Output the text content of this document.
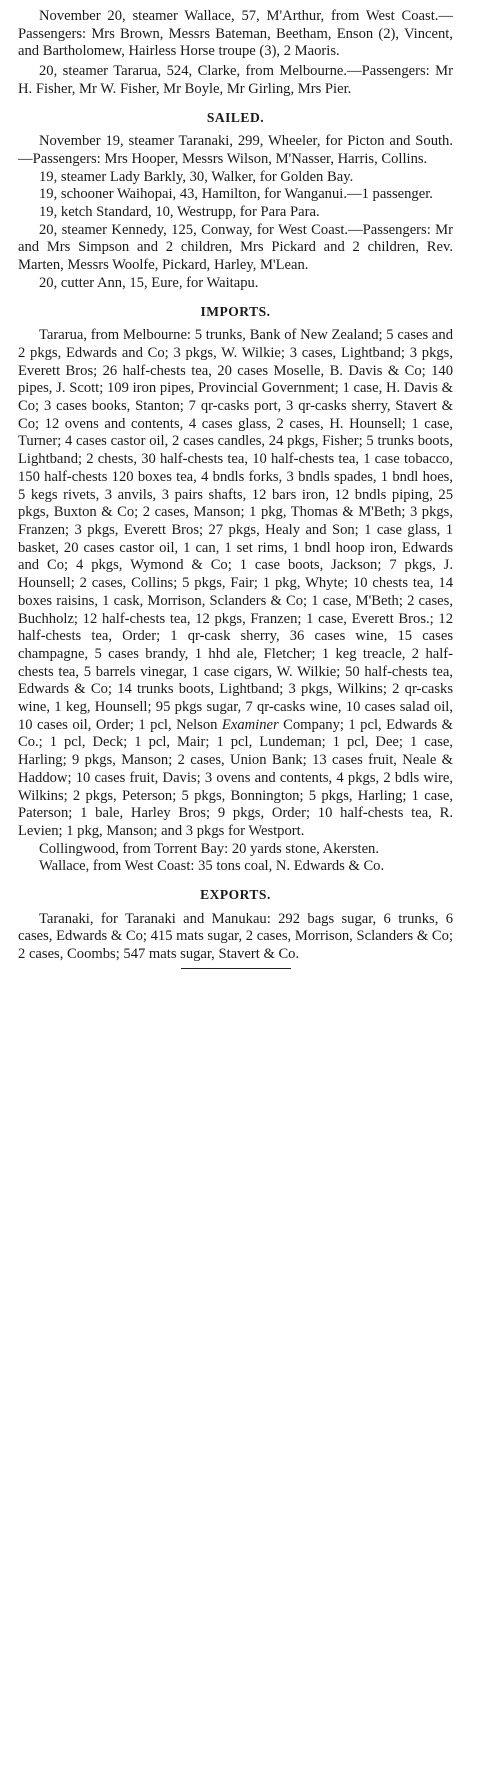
November 20, steamer Wallace, 57, M'Arthur, from West Coast.—Passengers: Mrs Brown, Messrs Bateman, Beetham, Enson (2), Vincent, and Bartholomew, Hairless Horse troupe (3), 2 Maoris.

20, steamer Tararua, 524, Clarke, from Melbourne.—Passengers: Mr H. Fisher, Mr W. Fisher, Mr Boyle, Mr Girling, Mrs Pier.

SAILED.

November 19, steamer Taranaki, 299, Wheeler, for Picton and South.—Passengers: Mrs Hooper, Messrs Wilson, M'Nasser, Harris, Collins.

19, steamer Lady Barkly, 30, Walker, for Golden Bay.

19, schooner Waihopai, 43, Hamilton, for Wanganui.—1 passenger.

19, ketch Standard, 10, Westrupp, for Para Para.

20, steamer Kennedy, 125, Conway, for West Coast.—Passengers: Mr and Mrs Simpson and 2 children, Mrs Pickard and 2 children, Rev. Marten, Messrs Woolfe, Pickard, Harley, M'Lean.

20, cutter Ann, 15, Eure, for Waitapu.

IMPORTS.

Tararua, from Melbourne: 5 trunks, Bank of New Zealand; 5 cases and 2 pkgs, Edwards and Co; 3 pkgs, W. Wilkie; 3 cases, Lightband; 3 pkgs, Everett Bros; 26 half-chests tea, 20 cases Moselle, B. Davis & Co; 140 pipes, J. Scott; 109 iron pipes, Provincial Government; 1 case, H. Davis & Co; 3 cases books, Stanton; 7 qr-casks port, 3 qr-casks sherry, Stavert & Co; 12 ovens and contents, 4 cases glass, 2 cases, H. Hounsell; 1 case, Turner; 4 cases castor oil, 2 cases candles, 24 pkgs, Fisher; 5 trunks boots, Lightband; 2 chests, 30 half-chests tea, 10 half-chests tea, 1 case tobacco, 150 half-chests 120 boxes tea, 4 bndls forks, 3 bndls spades, 1 bndl hoes, 5 kegs rivets, 3 anvils, 3 pairs shafts, 12 bars iron, 12 bndls piping, 25 pkgs, Buxton & Co; 2 cases, Manson; 1 pkg, Thomas & M'Beth; 3 pkgs, Franzen; 3 pkgs, Everett Bros; 27 pkgs, Healy and Son; 1 case glass, 1 basket, 20 cases castor oil, 1 can, 1 set rims, 1 bndl hoop iron, Edwards and Co; 4 pkgs, Wymond & Co; 1 case boots, Jackson; 7 pkgs, J. Hounsell; 2 cases, Collins; 5 pkgs, Fair; 1 pkg, Whyte; 10 chests tea, 14 boxes raisins, 1 cask, Morrison, Sclanders & Co; 1 case, M'Beth; 2 cases, Buchholz; 12 half-chests tea, 12 pkgs, Franzen; 1 case, Everett Bros.; 12 half-chests tea, Order; 1 qr-cask sherry, 36 cases wine, 15 cases champagne, 5 cases brandy, 1 hhd ale, Fletcher; 1 keg treacle, 2 half-chests tea, 5 barrels vinegar, 1 case cigars, W. Wilkie; 50 half-chests tea, Edwards & Co; 14 trunks boots, Lightband; 3 pkgs, Wilkins; 2 qr-casks wine, 1 keg, Hounsell; 95 pkgs sugar, 7 qr-casks wine, 10 cases salad oil, 10 cases oil, Order; 1 pcl, Nelson Examiner Company; 1 pcl, Edwards & Co.; 1 pcl, Deck; 1 pcl, Mair; 1 pcl, Lundeman; 1 pcl, Dee; 1 case, Harling; 9 pkgs, Manson; 2 cases, Union Bank; 13 cases fruit, Neale & Haddow; 10 cases fruit, Davis; 3 ovens and contents, 4 pkgs, 2 bdls wire, Wilkins; 2 pkgs, Peterson; 5 pkgs, Bonnington; 5 pkgs, Harling; 1 case, Paterson; 1 bale, Harley Bros; 9 pkgs, Order; 10 half-chests tea, R. Levien; 1 pkg, Manson; and 3 pkgs for Westport.

Collingwood, from Torrent Bay: 20 yards stone, Akersten.

Wallace, from West Coast: 35 tons coal, N. Edwards & Co.

EXPORTS.

Taranaki, for Taranaki and Manukau: 292 bags sugar, 6 trunks, 6 cases, Edwards & Co; 415 mats sugar, 2 cases, Morrison, Sclanders & Co; 2 cases, Coombs; 547 mats sugar, Stavert & Co.
